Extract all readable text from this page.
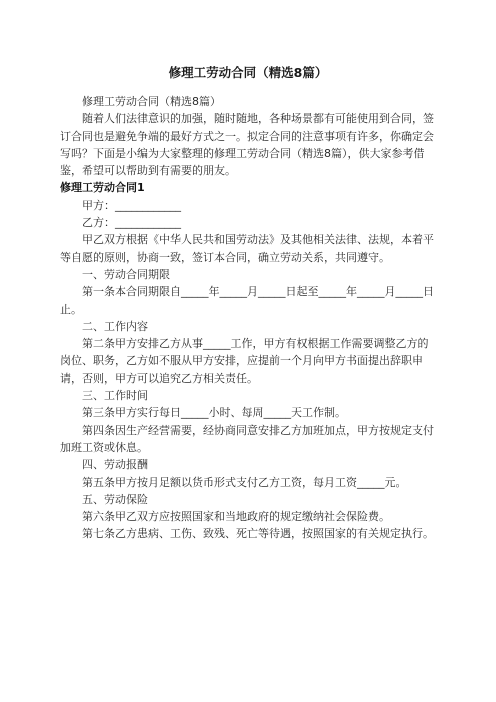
修理工劳动合同（精选8篇）

修理工劳动合同（精选8篇）

随着人们法律意识的加强，随时随地，各种场景都有可能使用到合同，签订合同也是避免争端的最好方式之一。拟定合同的注意事项有许多，你确定会写吗？下面是小编为大家整理的修理工劳动合同（精选8篇），供大家参考借鉴，希望可以帮助到有需要的朋友。

修理工劳动合同1

甲方：____________

乙方：____________

甲乙双方根据《中华人民共和国劳动法》及其他相关法律、法规，本着平等自愿的原则，协商一致，签订本合同，确立劳动关系，共同遵守。

一、劳动合同期限

第一条本合同期限自_____年_____月_____日起至_____年_____月_____日止。

二、工作内容

第二条甲方安排乙方从事_____工作，甲方有权根据工作需要调整乙方的岗位、职务，乙方如不服从甲方安排，应提前一个月向甲方书面提出辞职申请，否则，甲方可以追究乙方相关责任。

三、工作时间

第三条甲方实行每日_____小时、每周_____天工作制。

第四条因生产经营需要，经协商同意安排乙方加班加点，甲方按规定支付加班工资或休息。

四、劳动报酬

第五条甲方按月足额以货币形式支付乙方工资，每月工资_____元。

五、劳动保险

第六条甲乙双方应按照国家和当地政府的规定缴纳社会保险费。

第七条乙方患病、工伤、致残、死亡等待遇，按照国家的有关规定执行。
